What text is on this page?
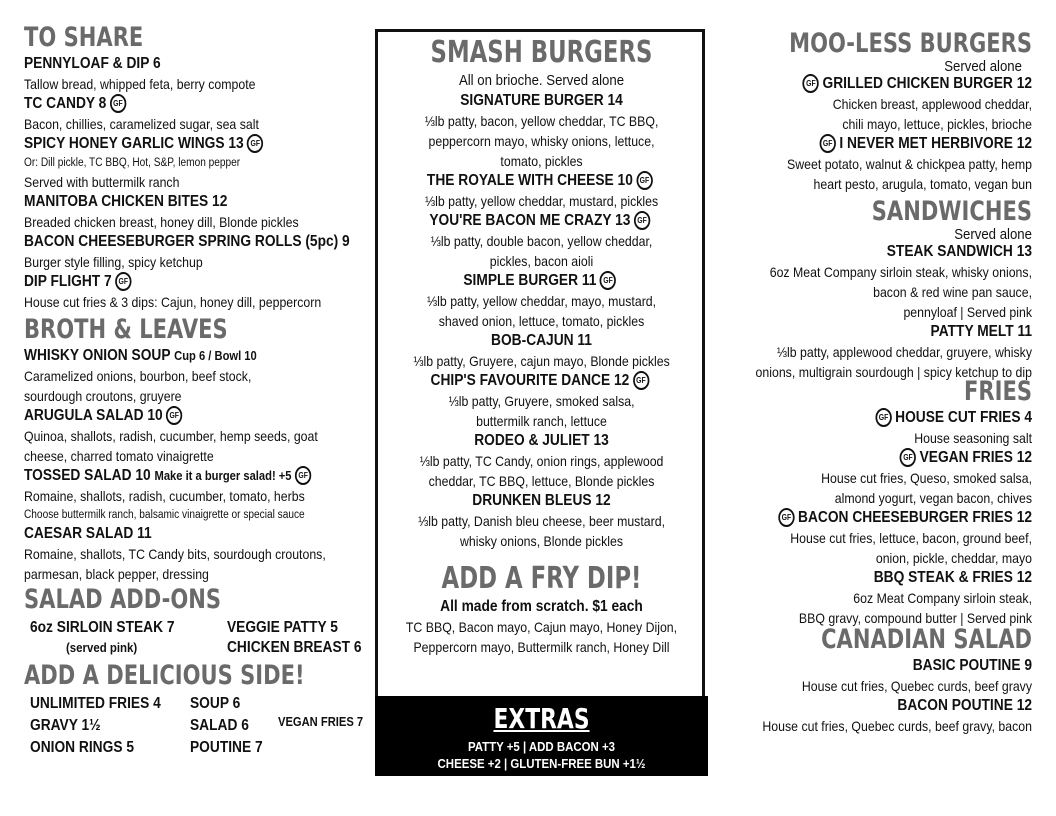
TO SHARE
PENNYLOAF & DIP 6
Tallow bread, whipped feta, berry compote
TC CANDY 8 GF
Bacon, chillies, caramelized sugar, sea salt
SPICY HONEY GARLIC WINGS 13 GF
Or: Dill pickle, TC BBQ, Hot, S&P, lemon pepper
Served with buttermilk ranch
MANITOBA CHICKEN BITES 12
Breaded chicken breast, honey dill, Blonde pickles
BACON CHEESEBURGER SPRING ROLLS (5pc) 9
Burger style filling, spicy ketchup
DIP FLIGHT 7 GF
House cut fries & 3 dips: Cajun, honey dill, peppercorn
BROTH & LEAVES
WHISKY ONION SOUP Cup 6 / Bowl 10
Caramelized onions, bourbon, beef stock,
sourdough croutons, gruyere
ARUGULA SALAD 10 GF
Quinoa, shallots, radish, cucumber, hemp seeds, goat
cheese, charred tomato vinaigrette
TOSSED SALAD 10 Make it a burger salad! +5 GF
Romaine, shallots, radish, cucumber, tomato, herbs
Choose buttermilk ranch, balsamic vinaigrette or special sauce
CAESAR SALAD 11
Romaine, shallots, TC Candy bits, sourdough croutons,
parmesan, black pepper, dressing
SALAD ADD-ONS
6oz SIRLOIN STEAK 7
(served pink)
VEGGIE PATTY 5
CHICKEN BREAST 6
ADD A DELICIOUS SIDE!
UNLIMITED FRIES 4
GRAVY 1½
ONION RINGS 5
SOUP 6
SALAD 6
POUTINE 7
VEGAN FRIES 7
SMASH BURGERS
All on brioche. Served alone
SIGNATURE BURGER 14
⅓lb patty, bacon, yellow cheddar, TC BBQ,
peppercorn mayo, whisky onions, lettuce,
tomato, pickles
THE ROYALE WITH CHEESE 10 GF
⅓lb patty, yellow cheddar, mustard, pickles
YOU'RE BACON ME CRAZY 13 GF
⅓lb patty, double bacon, yellow cheddar,
pickles, bacon aioli
SIMPLE BURGER 11 GF
⅓lb patty, yellow cheddar, mayo, mustard,
shaved onion, lettuce, tomato, pickles
BOB-CAJUN 11
⅓lb patty, Gruyere, cajun mayo, Blonde pickles
CHIP'S FAVOURITE DANCE 12 GF
⅓lb patty, Gruyere, smoked salsa,
buttermilk ranch, lettuce
RODEO & JULIET 13
⅓lb patty, TC Candy, onion rings, applewood
cheddar, TC BBQ, lettuce, Blonde pickles
DRUNKEN BLEUS 12
⅓lb patty, Danish bleu cheese, beer mustard,
whisky onions, Blonde pickles
ADD A FRY DIP!
All made from scratch. $1 each
TC BBQ, Bacon mayo, Cajun mayo, Honey Dijon,
Peppercorn mayo, Buttermilk ranch, Honey Dill
EXTRAS
PATTY +5 | ADD BACON +3
CHEESE +2 | GLUTEN-FREE BUN +1½
MOO-LESS BURGERS
Served alone
GF GRILLED CHICKEN BURGER 12
Chicken breast, applewood cheddar,
chili mayo, lettuce, pickles, brioche
GF I NEVER MET HERBIVORE 12
Sweet potato, walnut & chickpea patty, hemp
heart pesto, arugula, tomato, vegan bun
SANDWICHES
Served alone
STEAK SANDWICH 13
6oz Meat Company sirloin steak, whisky onions,
bacon & red wine pan sauce,
pennyloaf | Served pink
PATTY MELT 11
⅓lb patty, applewood cheddar, gruyere, whisky
onions, multigrain sourdough | spicy ketchup to dip
FRIES
GF HOUSE CUT FRIES 4
House seasoning salt
GF VEGAN FRIES 12
House cut fries, Queso, smoked salsa,
almond yogurt, vegan bacon, chives
GF BACON CHEESEBURGER FRIES 12
House cut fries, lettuce, bacon, ground beef,
onion, pickle, cheddar, mayo
BBQ STEAK & FRIES 12
6oz Meat Company sirloin steak,
BBQ gravy, compound butter | Served pink
CANADIAN SALAD
BASIC POUTINE 9
House cut fries, Quebec curds, beef gravy
BACON POUTINE 12
House cut fries, Quebec curds, beef gravy, bacon
